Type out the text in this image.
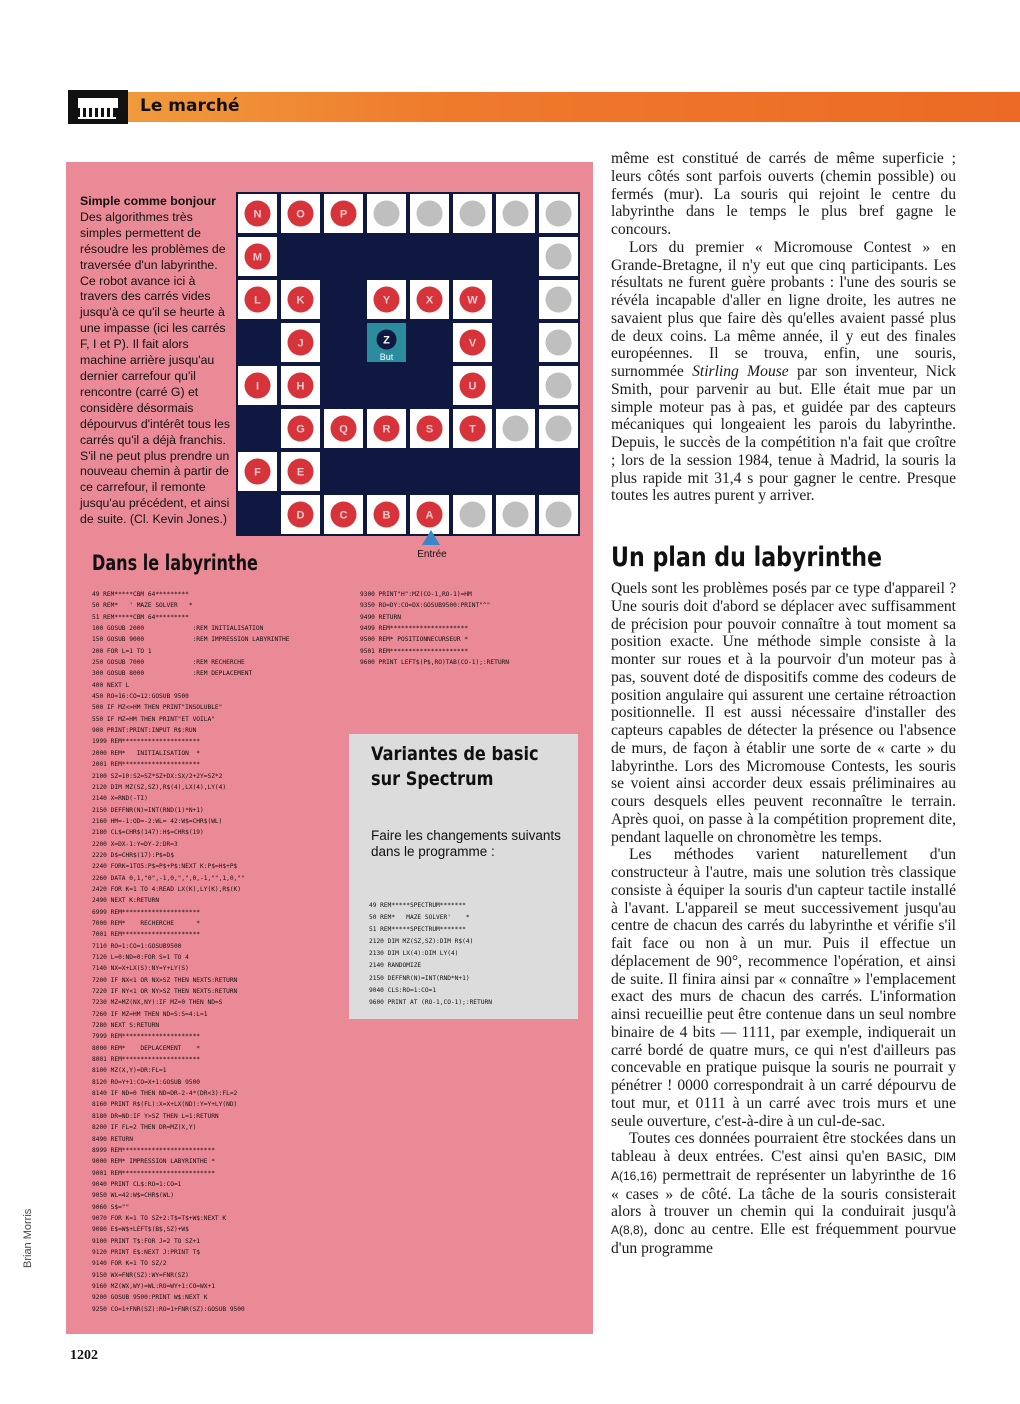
Le marché
Simple comme bonjour
Des algorithmes très simples permettent de résoudre les problèmes de traversée d'un labyrinthe. Ce robot avance ici à travers des carrés vides jusqu'à ce qu'il se heurte à une impasse (ici les carrés F, I et P). Il fait alors machine arrière jusqu'au dernier carrefour qu'il rencontre (carré G) et considère désormais dépourvus d'intérêt tous les carrés qu'il a déjà franchis. S'il ne peut plus prendre un nouveau chemin à partir de ce carrefour, il remonte jusqu'au précédent, et ainsi de suite. (Cl. Kevin Jones.)
N	O	P
M
L	K	Y	X	W
J	Z
But
V
I	H	U
G	Q	R	S	T
F	E
D	C	B	A
Entrée
Dans le labyrinthe
49 REM*****CBM 64*********
50 REM*   ' MAZE SOLVER   *
51 REM*****CBM 64*********
100 GOSUB 2000             :REM INITIALISATION
150 GOSUB 9000             :REM IMPRESSION LABYRINTHE
200 FOR L=1 TO 1
250 GOSUB 7000             :REM RECHERCHE
300 GOSUB 8000             :REM DEPLACEMENT
400 NEXT L
450 RO=16:CO=12:GOSUB 9500
500 IF MZ<>HM THEN PRINT"INSOLUBLE"
550 IF MZ=HM THEN PRINT"ET VOILA"
900 PRINT:PRINT:INPUT R$:RUN
1999 REM*********************
2000 REM*   INITIALISATION  *
2001 REM*********************
2100 SZ=10:S2=SZ*SZ+DX:SX/2+2Y=SZ*2
2120 DIM MZ(SZ,SZ),R$(4),LX(4),LY(4)
2140 X=RND(-TI)
2150 DEFFNR(N)=INT(RND(1)*N+1)
2160 HM=-1:OD=-2:WL= 42:W$=CHR$(WL)
2180 CL$=CHR$(147):H$=CHR$(19)
2200 X=DX-1:Y=DY-2:DR=3
2220 D$=CHR$(17):P$=D$
2240 FORK=1TO5:P$=P$+P$:NEXT K:P$=H$+P$
2260 DATA 0,1,"0",-1,0,",",0,-1,"",1,0,""
2420 FOR K=1 TO 4:READ LX(K),LY(K),R$(K)
2490 NEXT K:RETURN
6999 REM*********************
7000 REM*    RECHERCHE      *
7001 REM*********************
7110 RO=1:CO=1:GOSUB9500
7120 L=0:ND=0:FOR S=1 TO 4
7140 NX=X+LX(S):NY=Y+LY(S)
7200 IF NX<1 OR NX>SZ THEN NEXTS:RETURN
7220 IF NY<1 OR NY>SZ THEN NEXTS:RETURN
7230 MZ=MZ(NX,NY):IF MZ=0 THEN ND=S
7260 IF MZ=HM THEN ND=S:S=4:L=1
7280 NEXT S:RETURN
7999 REM*********************
8000 REM*    DEPLACEMENT    *
8001 REM*********************
8100 MZ(X,Y)=DR:FL=1
8120 RO=Y+1:CO=X+1:GOSUB 9500
8140 IF ND=0 THEN ND=DR-2-4*(DR<3):FL=2
8160 PRINT R$(FL):X=X+LX(ND):Y=Y+LY(ND)
8180 DR=ND:IF Y>SZ THEN L=1:RETURN
8200 IF FL=2 THEN DR=MZ(X,Y)
8490 RETURN
8999 REM*************************
9000 REM* IMPRESSION LABYRINTHE *
9001 REM*************************
9040 PRINT CL$:RO=1:CO=1
9050 WL=42:W$=CHR$(WL)
9060 S$=""
9070 FOR K=1 TO SZ+2:T$=T$+W$:NEXT K
9080 E$=W$+LEFT$(B$,SZ)+W$
9100 PRINT T$:FOR J=2 TO SZ+1
9120 PRINT E$:NEXT J:PRINT T$
9140 FOR K=1 TO SZ/2
9150 WX=FNR(SZ):WY=FNR(SZ)
9160 MZ(WX,WY)=WL:RO=WY+1:CO=WX+1
9200 GOSUB 9500:PRINT W$:NEXT K
9250 CO=1+FNR(SZ):RO=1+FNR(SZ):GOSUB 9500
9300 PRINT"H":MZ(CO-1,RO-1)=HM
9350 RO=DY:CO=DX:GOSUB9500:PRINT"^"
9490 RETURN
9499 REM*********************
9500 REM* POSITIONNECURSEUR *
9501 REM*********************
9600 PRINT LEFT$(P$,RO)TAB(CO-1);:RETURN
Variantes de basic
sur Spectrum
Faire les changements suivants dans le programme :
49 REM*****SPECTRUM*******
50 REM*   MAZE SOLVER'    *
51 REM*****SPECTRUM*******
2120 DIM MZ(SZ,SZ):DIM R$(4)
2130 DIM LX(4):DIM LY(4)
2140 RANDOMIZE
2150 DEFFNR(N)=INT(RND*N+1)
9040 CLS:RO=1:CO=1
9600 PRINT AT (RO-1,CO-1);:RETURN

même est constitué de carrés de même superficie ; leurs côtés sont parfois ouverts (chemin possible) ou fermés (mur). La souris qui rejoint le centre du labyrinthe dans le temps le plus bref gagne le concours.

Lors du premier « Micromouse Contest » en Grande-Bretagne, il n'y eut que cinq participants. Les résultats ne furent guère probants : l'une des souris se révéla incapable d'aller en ligne droite, les autres ne savaient plus que faire dès qu'elles avaient passé plus de deux coins. La même année, il y eut des finales européennes. Il se trouva, enfin, une souris, surnommée Stirling Mouse par son inventeur, Nick Smith, pour parvenir au but. Elle était mue par un simple moteur pas à pas, et guidée par des capteurs mécaniques qui longeaient les parois du labyrinthe. Depuis, le succès de la compétition n'a fait que croître ; lors de la session 1984, tenue à Madrid, la souris la plus rapide mit 31,4 s pour gagner le centre. Presque toutes les autres purent y arriver.

Un plan du labyrinthe

Quels sont les problèmes posés par ce type d'appareil ? Une souris doit d'abord se déplacer avec suffisamment de précision pour pouvoir connaître à tout moment sa position exacte. Une méthode simple consiste à la monter sur roues et à la pourvoir d'un moteur pas à pas, souvent doté de dispositifs comme des codeurs de position angulaire qui assurent une certaine rétroaction positionnelle. Il est aussi nécessaire d'installer des capteurs capables de détecter la présence ou l'absence de murs, de façon à établir une sorte de « carte » du labyrinthe. Lors des Micromouse Contests, les souris se voient ainsi accorder deux essais préliminaires au cours desquels elles peuvent reconnaître le terrain. Après quoi, on passe à la compétition proprement dite, pendant laquelle on chronomètre les temps.

Les méthodes varient naturellement d'un constructeur à l'autre, mais une solution très classique consiste à équiper la souris d'un capteur tactile installé à l'avant. L'appareil se meut successivement jusqu'au centre de chacun des carrés du labyrinthe et vérifie s'il fait face ou non à un mur. Puis il effectue un déplacement de 90°, recommence l'opération, et ainsi de suite. Il finira ainsi par « connaître » l'emplacement exact des murs de chacun des carrés. L'information ainsi recueillie peut être contenue dans un seul nombre binaire de 4 bits — 1111, par exemple, indiquerait un carré bordé de quatre murs, ce qui n'est d'ailleurs pas concevable en pratique puisque la souris ne pourrait y pénétrer ! 0000 correspondrait à un carré dépourvu de tout mur, et 0111 à un carré avec trois murs et une seule ouverture, c'est-à-dire à un cul-de-sac.

Toutes ces données pourraient être stockées dans un tableau à deux entrées. C'est ainsi qu'en BASIC, DIM A(16,16) permettrait de représenter un labyrinthe de 16 « cases » de côté. La tâche de la souris consisterait alors à trouver un chemin qui la conduirait jusqu'à A(8,8), donc au centre. Elle est fréquemment pourvue d'un programme

Brian Morris
1202
